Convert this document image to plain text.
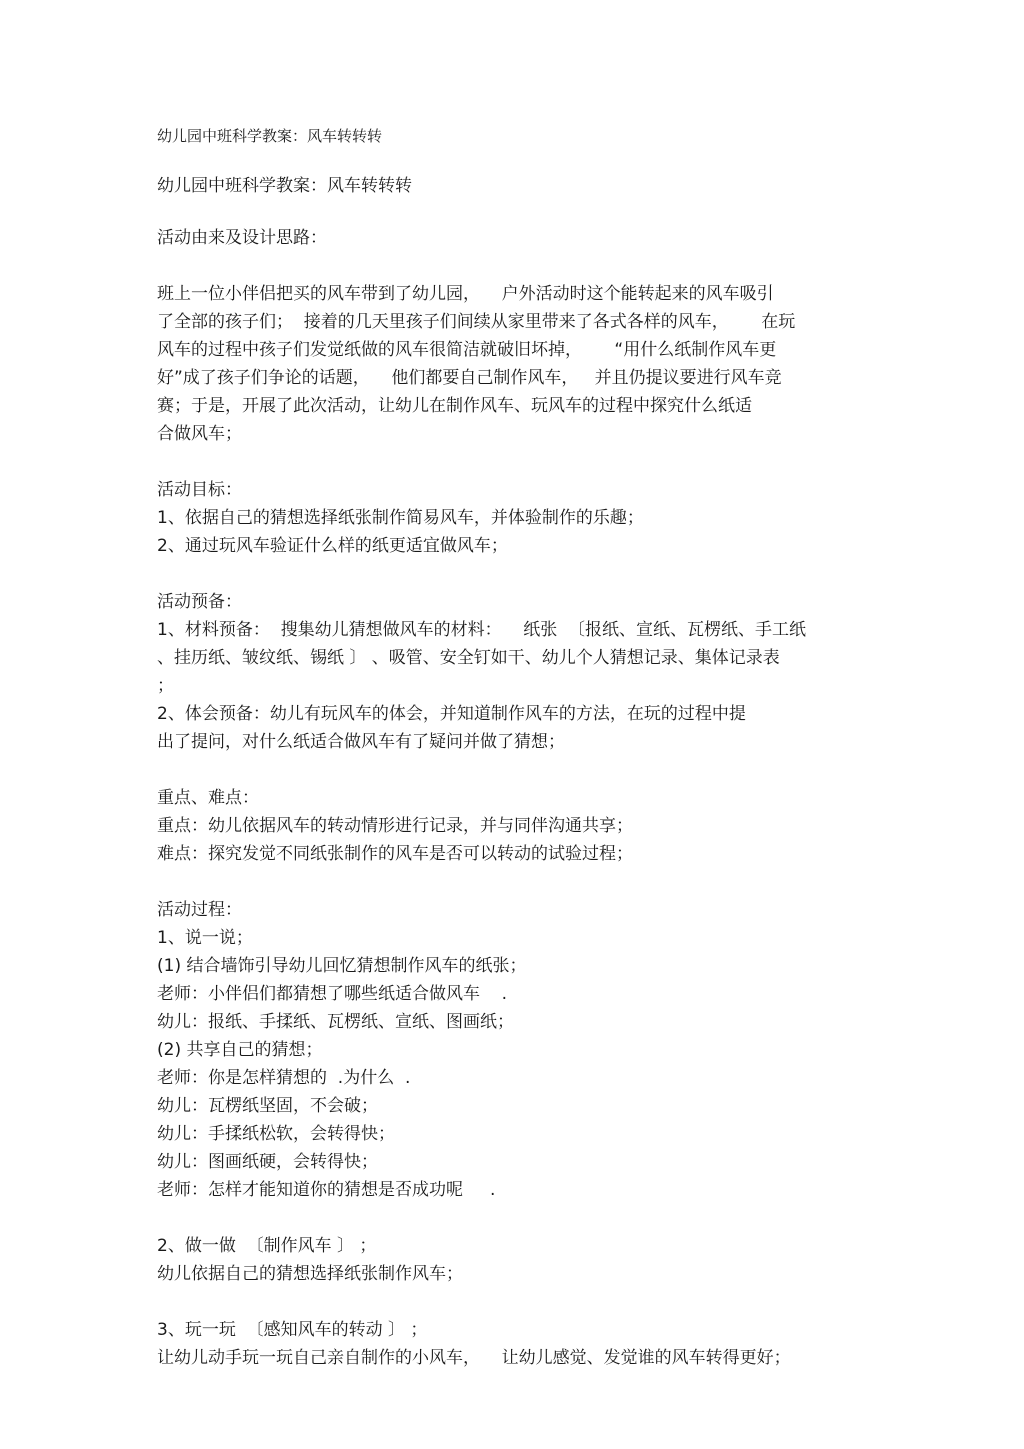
幼儿园中班科学教案：风车转转转

幼儿园中班科学教案：风车转转转

活动由来及设计思路：

班上一位小伴侣把买的风车带到了幼儿园，    户外活动时这个能转起来的风车吸引

了全部的孩子们；  接着的几天里孩子们间续从家里带来了各式各样的风车，      在玩

风车的过程中孩子们发觉纸做的风车很简洁就破旧坏掉，      “用什么纸制作风车更

好”成了孩子们争论的话题，    他们都要自己制作风车，   并且仍提议要进行风车竞

赛；于是，开展了此次活动，让幼儿在制作风车、玩风车的过程中探究什么纸适

合做风车；

活动目标：

1、依据自己的猜想选择纸张制作简易风车，并体验制作的乐趣；

2、通过玩风车验证什么样的纸更适宜做风车；

活动预备：

1、材料预备：  搜集幼儿猜想做风车的材料：    纸张  〔报纸、宣纸、瓦楞纸、手工纸

、挂历纸、皱纹纸、锡纸 〕 、吸管、安全钉如干、幼儿个人猜想记录、集体记录表

；

2、体会预备：幼儿有玩风车的体会，并知道制作风车的方法，在玩的过程中提

出了提问，对什么纸适合做风车有了疑问并做了猜想；

重点、难点：

重点：幼儿依据风车的转动情形进行记录，并与同伴沟通共享；

难点：探究发觉不同纸张制作的风车是否可以转动的试验过程；

活动过程：

1、说一说；

(1) 结合墙饰引导幼儿回忆猜想制作风车的纸张；

老师：小伴侣们都猜想了哪些纸适合做风车    .

幼儿：报纸、手揉纸、瓦楞纸、宣纸、图画纸；

(2) 共享自己的猜想；

老师：你是怎样猜想的  .为什么  .

幼儿：瓦楞纸坚固，不会破；

幼儿：手揉纸松软，会转得快；

幼儿：图画纸硬，会转得快；

老师：怎样才能知道你的猜想是否成功呢     .

2、做一做  〔制作风车 〕 ；

幼儿依据自己的猜想选择纸张制作风车；

3、玩一玩  〔感知风车的转动 〕 ；

让幼儿动手玩一玩自己亲自制作的小风车，    让幼儿感觉、发觉谁的风车转得更好；
